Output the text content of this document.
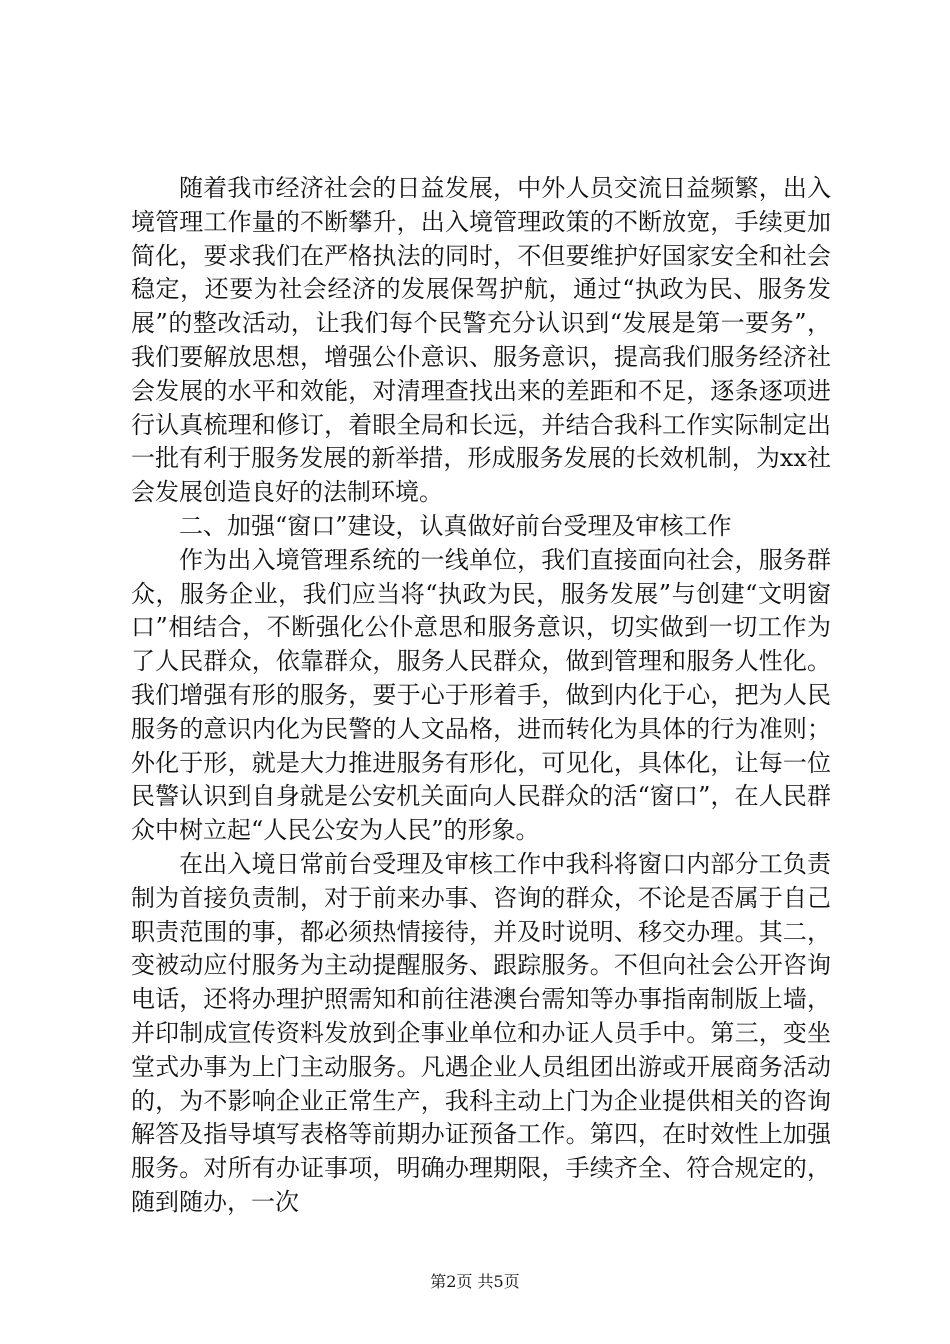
随着我市经济社会的日益发展，中外人员交流日益频繁，出入境管理工作量的不断攀升，出入境管理政策的不断放宽，手续更加简化，要求我们在严格执法的同时，不但要维护好国家安全和社会稳定，还要为社会经济的发展保驾护航，通过“执政为民、服务发展”的整改活动，让我们每个民警充分认识到“发展是第一要务”，我们要解放思想，增强公仆意识、服务意识，提高我们服务经济社会发展的水平和效能，对清理查找出来的差距和不足，逐条逐项进行认真梳理和修订，着眼全局和长远，并结合我科工作实际制定出一批有利于服务发展的新举措，形成服务发展的长效机制，为xx社会发展创造良好的法制环境。

二、加强“窗口”建设，认真做好前台受理及审核工作

作为出入境管理系统的一线单位，我们直接面向社会，服务群众，服务企业，我们应当将“执政为民，服务发展”与创建“文明窗口”相结合，不断强化公仆意思和服务意识，切实做到一切工作为了人民群众，依靠群众，服务人民群众，做到管理和服务人性化。我们增强有形的服务，要于心于形着手，做到内化于心，把为人民服务的意识内化为民警的人文品格，进而转化为具体的行为准则；外化于形，就是大力推进服务有形化，可见化，具体化，让每一位民警认识到自身就是公安机关面向人民群众的活“窗口”，在人民群众中树立起“人民公安为人民”的形象。

在出入境日常前台受理及审核工作中我科将窗口内部分工负责制为首接负责制，对于前来办事、咨询的群众，不论是否属于自己职责范围的事，都必须热情接待，并及时说明、移交办理。其二，变被动应付服务为主动提醒服务、跟踪服务。不但向社会公开咨询电话，还将办理护照需知和前往港澳台需知等办事指南制版上墙，并印制成宣传资料发放到企事业单位和办证人员手中。第三，变坐堂式办事为上门主动服务。凡遇企业人员组团出游或开展商务活动的，为不影响企业正常生产，我科主动上门为企业提供相关的咨询解答及指导填写表格等前期办证预备工作。第四，在时效性上加强服务。对所有办证事项，明确办理期限，手续齐全、符合规定的，随到随办，一次

第2页 共5页
